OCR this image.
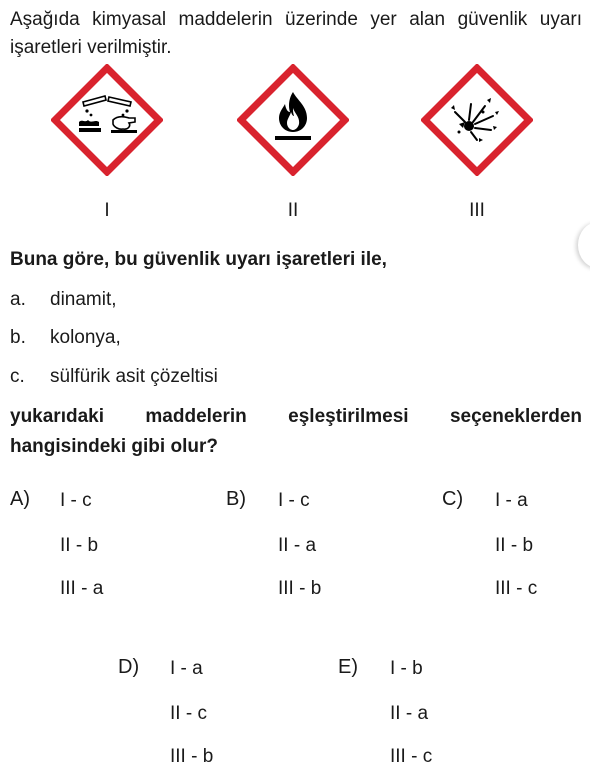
Aşağıda kimyasal maddelerin üzerinde yer alan güvenlik uyarı işaretleri verilmiştir.
I	II	III
Buna göre, bu güvenlik uyarı işaretleri ile,
a. dinamit,
b. kolonya,
c. sülfürik asit çözeltisi
yukarıdaki maddelerin eşleştirilmesi seçeneklerden hangisindeki gibi olur?
A) I - c
II - b
III - a
B) I - c
II - a
III - b
C) I - a
II - b
III - c
D) I - a
II - c
III - b
E) I - b
II - a
III - c
